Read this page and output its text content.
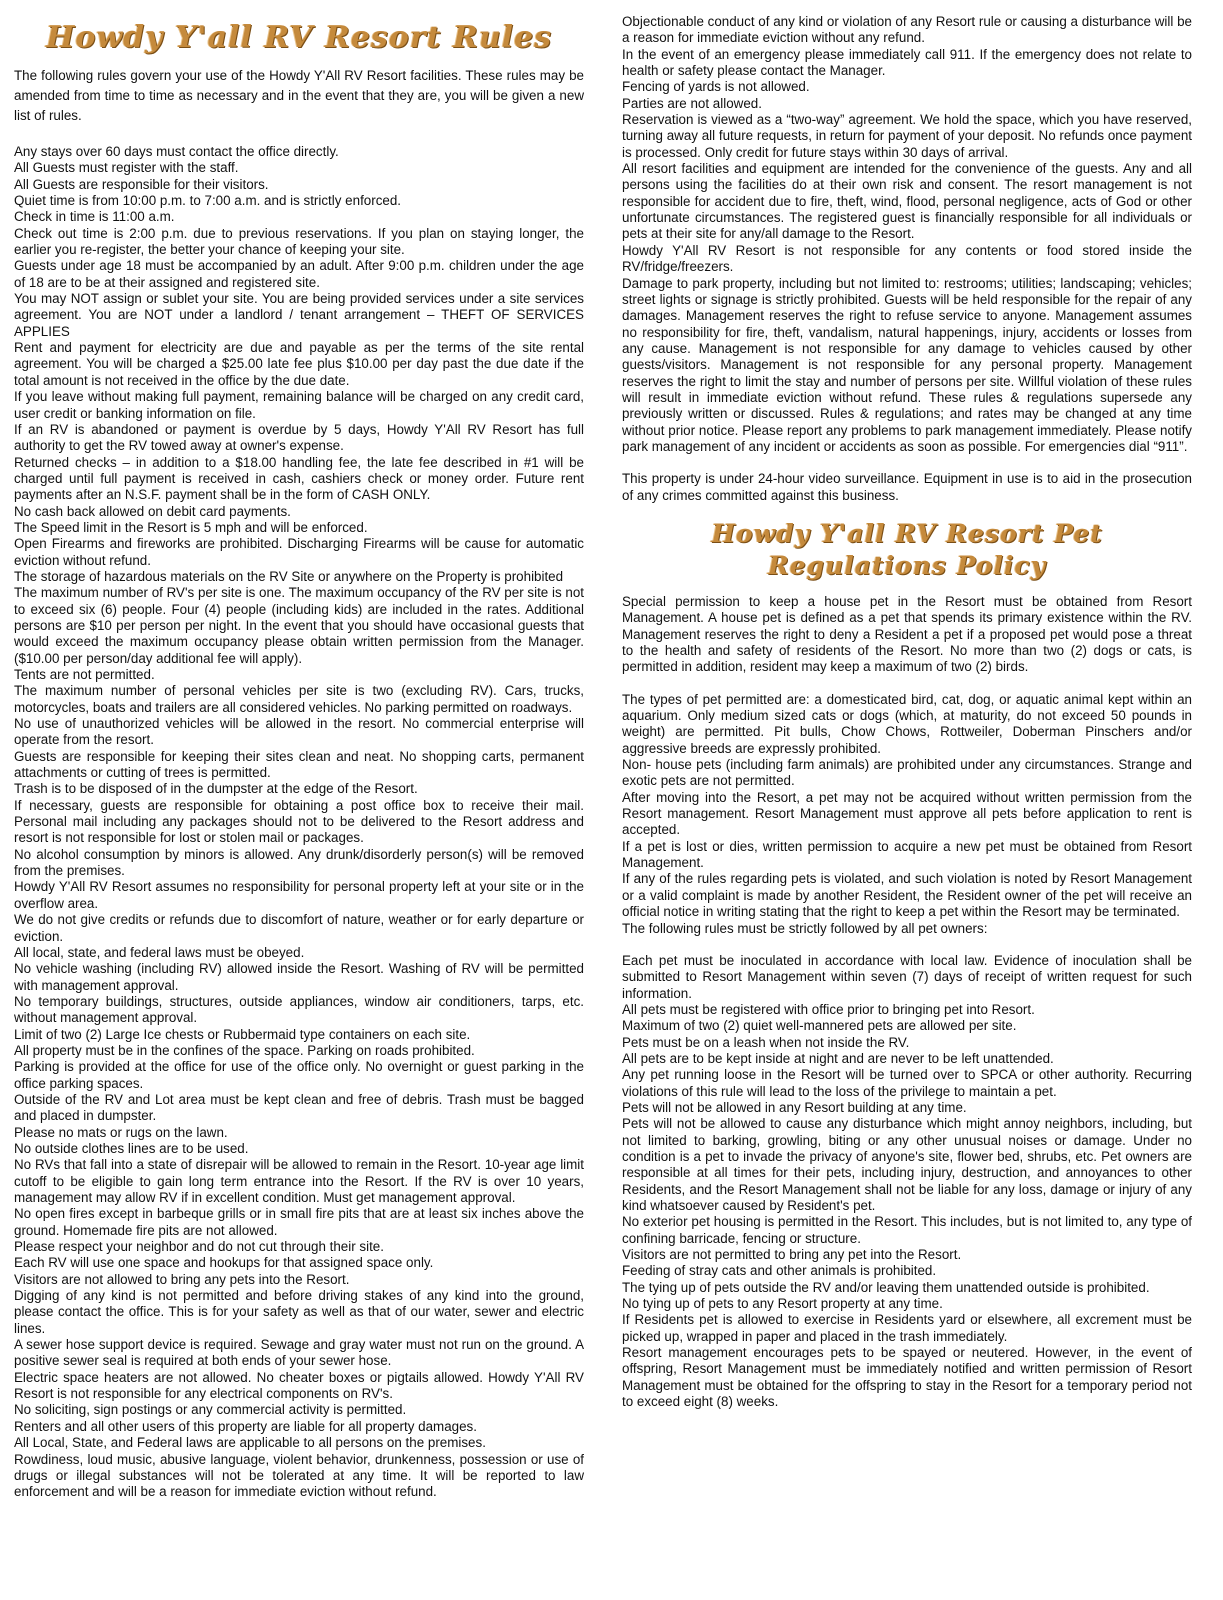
Howdy Y'all RV Resort Rules

The following rules govern your use of the Howdy Y'All RV Resort facilities. These rules may be amended from time to time as necessary and in the event that they are, you will be given a new list of rules.

Any stays over 60 days must contact the office directly.

All Guests must register with the staff.

All Guests are responsible for their visitors.

Quiet time is from 10:00 p.m. to 7:00 a.m. and is strictly enforced.

Check in time is 11:00 a.m.

Check out time is 2:00 p.m. due to previous reservations. If you plan on staying longer, the earlier you re-register, the better your chance of keeping your site.

Guests under age 18 must be accompanied by an adult. After 9:00 p.m. children under the age of 18 are to be at their assigned and registered site.

You may NOT assign or sublet your site. You are being provided services under a site services agreement. You are NOT under a landlord / tenant arrangement – THEFT OF SERVICES APPLIES

Rent and payment for electricity are due and payable as per the terms of the site rental agreement. You will be charged a $25.00 late fee plus $10.00 per day past the due date if the total amount is not received in the office by the due date.

If you leave without making full payment, remaining balance will be charged on any credit card, user credit or banking information on file.

If an RV is abandoned or payment is overdue by 5 days, Howdy Y'All RV Resort has full authority to get the RV towed away at owner's expense.

Returned checks – in addition to a $18.00 handling fee, the late fee described in #1 will be charged until full payment is received in cash, cashiers check or money order. Future rent payments after an N.S.F. payment shall be in the form of CASH ONLY.

No cash back allowed on debit card payments.

The Speed limit in the Resort is 5 mph and will be enforced.

Open Firearms and fireworks are prohibited. Discharging Firearms will be cause for automatic eviction without refund.

The storage of hazardous materials on the RV Site or anywhere on the Property is prohibited

The maximum number of RV's per site is one. The maximum occupancy of the RV per site is not to exceed six (6) people. Four (4) people (including kids) are included in the rates. Additional persons are $10 per person per night. In the event that you should have occasional guests that would exceed the maximum occupancy please obtain written permission from the Manager. ($10.00 per person/day additional fee will apply).

Tents are not permitted.

The maximum number of personal vehicles per site is two (excluding RV). Cars, trucks, motorcycles, boats and trailers are all considered vehicles. No parking permitted on roadways.

No use of unauthorized vehicles will be allowed in the resort. No commercial enterprise will operate from the resort.

Guests are responsible for keeping their sites clean and neat. No shopping carts, permanent attachments or cutting of trees is permitted.

Trash is to be disposed of in the dumpster at the edge of the Resort.

If necessary, guests are responsible for obtaining a post office box to receive their mail. Personal mail including any packages should not to be delivered to the Resort address and resort is not responsible for lost or stolen mail or packages.

No alcohol consumption by minors is allowed. Any drunk/disorderly person(s) will be removed from the premises.

Howdy Y'All RV Resort assumes no responsibility for personal property left at your site or in the overflow area.

We do not give credits or refunds due to discomfort of nature, weather or for early departure or eviction.

All local, state, and federal laws must be obeyed.

No vehicle washing (including RV) allowed inside the Resort. Washing of RV will be permitted with management approval.

No temporary buildings, structures, outside appliances, window air conditioners, tarps, etc. without management approval.

Limit of two (2) Large Ice chests or Rubbermaid type containers on each site.

All property must be in the confines of the space. Parking on roads prohibited.

Parking is provided at the office for use of the office only. No overnight or guest parking in the office parking spaces.

Outside of the RV and Lot area must be kept clean and free of debris. Trash must be bagged and placed in dumpster.

Please no mats or rugs on the lawn.

No outside clothes lines are to be used.

No RVs that fall into a state of disrepair will be allowed to remain in the Resort. 10-year age limit cutoff to be eligible to gain long term entrance into the Resort. If the RV is over 10 years, management may allow RV if in excellent condition. Must get management approval.

No open fires except in barbeque grills or in small fire pits that are at least six inches above the ground. Homemade fire pits are not allowed.

Please respect your neighbor and do not cut through their site.

Each RV will use one space and hookups for that assigned space only.

Visitors are not allowed to bring any pets into the Resort.

Digging of any kind is not permitted and before driving stakes of any kind into the ground, please contact the office. This is for your safety as well as that of our water, sewer and electric lines.

A sewer hose support device is required. Sewage and gray water must not run on the ground. A positive sewer seal is required at both ends of your sewer hose.

Electric space heaters are not allowed. No cheater boxes or pigtails allowed. Howdy Y'All RV Resort is not responsible for any electrical components on RV's.

No soliciting, sign postings or any commercial activity is permitted.

Renters and all other users of this property are liable for all property damages.

All Local, State, and Federal laws are applicable to all persons on the premises.

Rowdiness, loud music, abusive language, violent behavior, drunkenness, possession or use of drugs or illegal substances will not be tolerated at any time. It will be reported to law enforcement and will be a reason for immediate eviction without refund.

Objectionable conduct of any kind or violation of any Resort rule or causing a disturbance will be a reason for immediate eviction without any refund.

In the event of an emergency please immediately call 911. If the emergency does not relate to health or safety please contact the Manager.

Fencing of yards is not allowed.

Parties are not allowed.

Reservation is viewed as a “two-way” agreement. We hold the space, which you have reserved, turning away all future requests, in return for payment of your deposit. No refunds once payment is processed. Only credit for future stays within 30 days of arrival.

All resort facilities and equipment are intended for the convenience of the guests. Any and all persons using the facilities do at their own risk and consent. The resort management is not responsible for accident due to fire, theft, wind, flood, personal negligence, acts of God or other unfortunate circumstances. The registered guest is financially responsible for all individuals or pets at their site for any/all damage to the Resort.

Howdy Y'All RV Resort is not responsible for any contents or food stored inside the RV/fridge/freezers.

Damage to park property, including but not limited to: restrooms; utilities; landscaping; vehicles; street lights or signage is strictly prohibited. Guests will be held responsible for the repair of any damages. Management reserves the right to refuse service to anyone. Management assumes no responsibility for fire, theft, vandalism, natural happenings, injury, accidents or losses from any cause. Management is not responsible for any damage to vehicles caused by other guests/visitors. Management is not responsible for any personal property. Management reserves the right to limit the stay and number of persons per site. Willful violation of these rules will result in immediate eviction without refund. These rules & regulations supersede any previously written or discussed. Rules & regulations; and rates may be changed at any time without prior notice. Please report any problems to park management immediately. Please notify park management of any incident or accidents as soon as possible. For emergencies dial “911”.

This property is under 24-hour video surveillance. Equipment in use is to aid in the prosecution of any crimes committed against this business.

Howdy Y'all RV Resort Pet Regulations Policy

Special permission to keep a house pet in the Resort must be obtained from Resort Management. A house pet is defined as a pet that spends its primary existence within the RV. Management reserves the right to deny a Resident a pet if a proposed pet would pose a threat to the health and safety of residents of the Resort. No more than two (2) dogs or cats, is permitted in addition, resident may keep a maximum of two (2) birds.

The types of pet permitted are: a domesticated bird, cat, dog, or aquatic animal kept within an aquarium. Only medium sized cats or dogs (which, at maturity, do not exceed 50 pounds in weight) are permitted. Pit bulls, Chow Chows, Rottweiler, Doberman Pinschers and/or aggressive breeds are expressly prohibited.

Non- house pets (including farm animals) are prohibited under any circumstances. Strange and exotic pets are not permitted.

After moving into the Resort, a pet may not be acquired without written permission from the Resort management. Resort Management must approve all pets before application to rent is accepted.

If a pet is lost or dies, written permission to acquire a new pet must be obtained from Resort Management.

If any of the rules regarding pets is violated, and such violation is noted by Resort Management or a valid complaint is made by another Resident, the Resident owner of the pet will receive an official notice in writing stating that the right to keep a pet within the Resort may be terminated.

The following rules must be strictly followed by all pet owners:

Each pet must be inoculated in accordance with local law. Evidence of inoculation shall be submitted to Resort Management within seven (7) days of receipt of written request for such information.

All pets must be registered with office prior to bringing pet into Resort.

Maximum of two (2) quiet well-mannered pets are allowed per site.

Pets must be on a leash when not inside the RV.

All pets are to be kept inside at night and are never to be left unattended.

Any pet running loose in the Resort will be turned over to SPCA or other authority. Recurring violations of this rule will lead to the loss of the privilege to maintain a pet.

Pets will not be allowed in any Resort building at any time.

Pets will not be allowed to cause any disturbance which might annoy neighbors, including, but not limited to barking, growling, biting or any other unusual noises or damage. Under no condition is a pet to invade the privacy of anyone's site, flower bed, shrubs, etc. Pet owners are responsible at all times for their pets, including injury, destruction, and annoyances to other Residents, and the Resort Management shall not be liable for any loss, damage or injury of any kind whatsoever caused by Resident's pet.

No exterior pet housing is permitted in the Resort. This includes, but is not limited to, any type of confining barricade, fencing or structure.

Visitors are not permitted to bring any pet into the Resort.

Feeding of stray cats and other animals is prohibited.

The tying up of pets outside the RV and/or leaving them unattended outside is prohibited.

No tying up of pets to any Resort property at any time.

If Residents pet is allowed to exercise in Residents yard or elsewhere, all excrement must be picked up, wrapped in paper and placed in the trash immediately.

Resort management encourages pets to be spayed or neutered. However, in the event of offspring, Resort Management must be immediately notified and written permission of Resort Management must be obtained for the offspring to stay in the Resort for a temporary period not to exceed eight (8) weeks.
